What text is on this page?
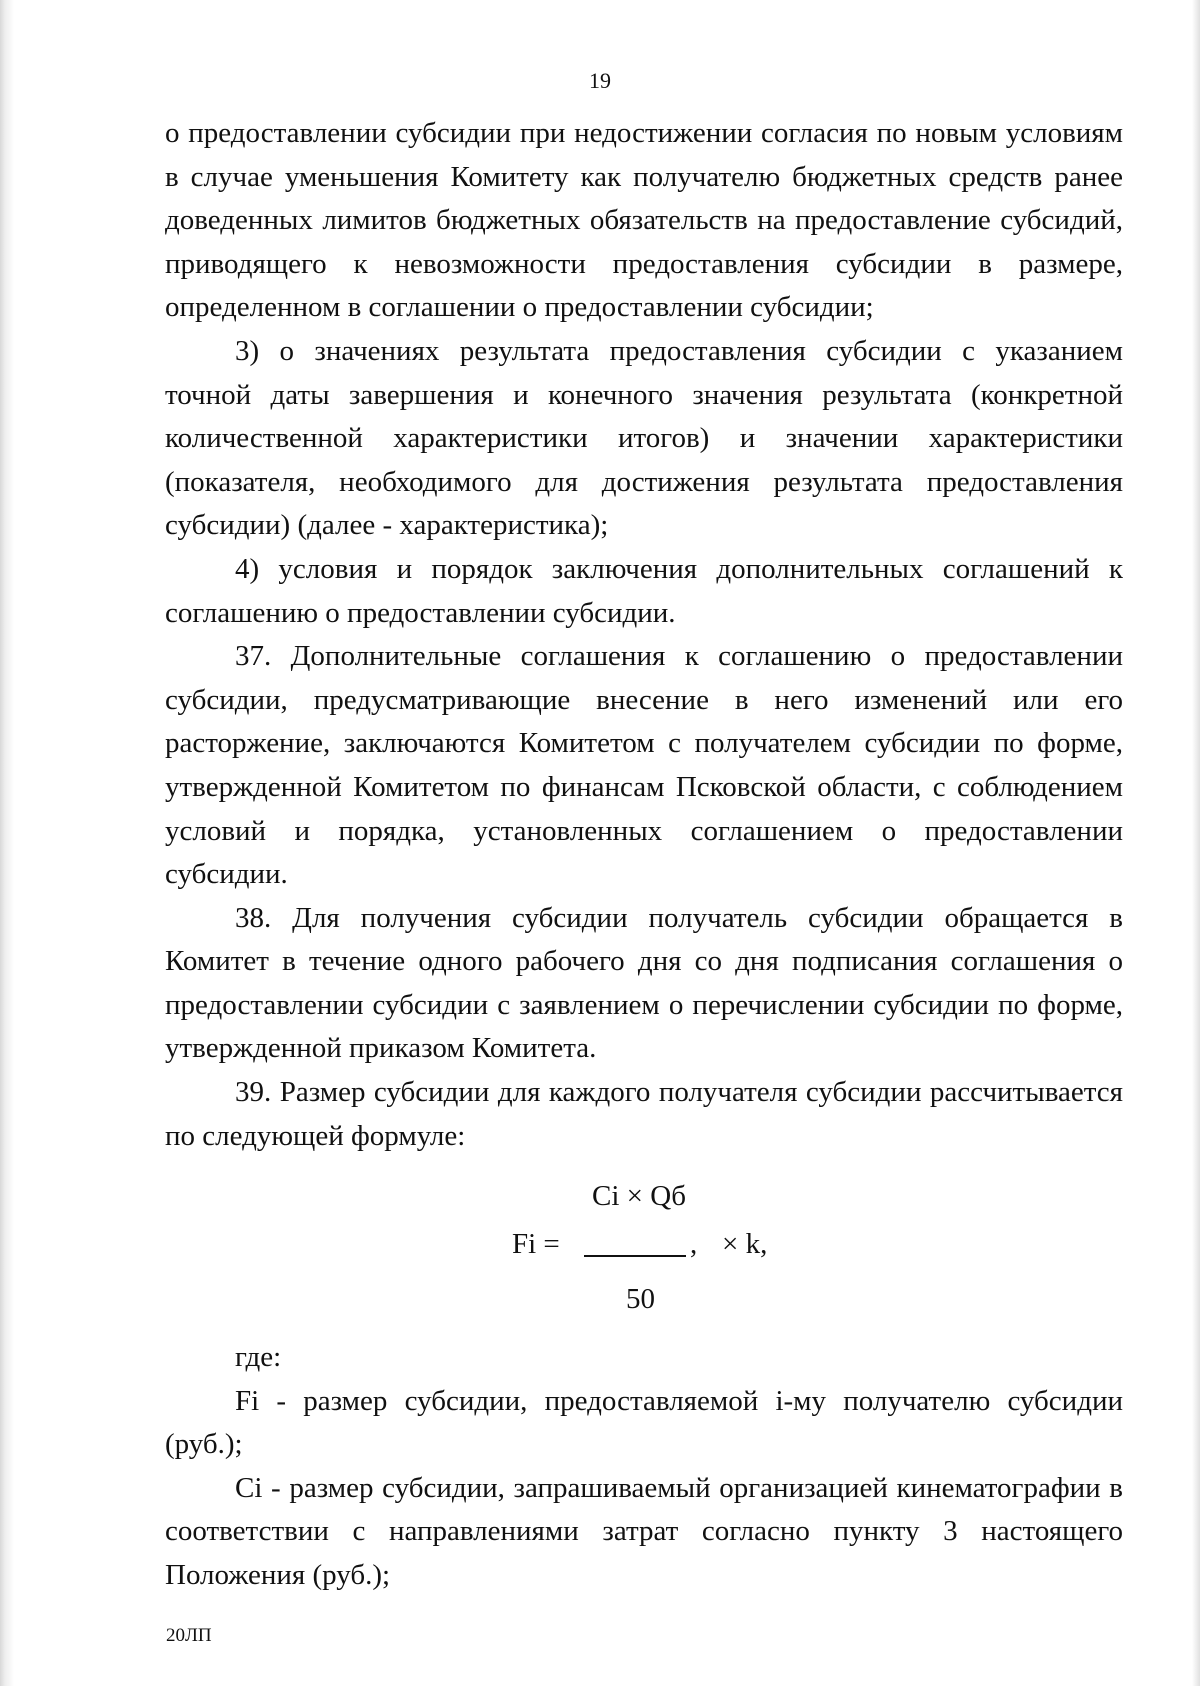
19

о предоставлении субсидии при недостижении согласия по новым условиям в случае уменьшения Комитету как получателю бюджетных средств ранее доведенных лимитов бюджетных обязательств на предоставление субсидий, приводящего к невозможности предоставления субсидии в размере, определенном в соглашении о предоставлении субсидии;

3) о значениях результата предоставления субсидии с указанием точной даты завершения и конечного значения результата (конкретной количественной характеристики итогов) и значении характеристики (показателя, необходимого для достижения результата предоставления субсидии) (далее - характеристика);

4) условия и порядок заключения дополнительных соглашений к соглашению о предоставлении субсидии.

37. Дополнительные соглашения к соглашению о предоставлении субсидии, предусматривающие внесение в него изменений или его расторжение, заключаются Комитетом с получателем субсидии по форме, утвержденной Комитетом по финансам Псковской области, с соблюдением условий и порядка, установленных соглашением о предоставлении субсидии.

38. Для получения субсидии получатель субсидии обращается в Комитет в течение одного рабочего дня со дня подписания соглашения о предоставлении субсидии с заявлением о перечислении субсидии по форме, утвержденной приказом Комитета.

39. Размер субсидии для каждого получателя субсидии рассчитывается по следующей формуле:

Ci × Qб
Fi =	, × k,
50

где:

Fi - размер субсидии, предоставляемой i-му получателю субсидии (руб.);

Ci - размер субсидии, запрашиваемый организацией кинематографии в соответствии с направлениями затрат согласно пункту 3 настоящего Положения (руб.);

20ЛП
